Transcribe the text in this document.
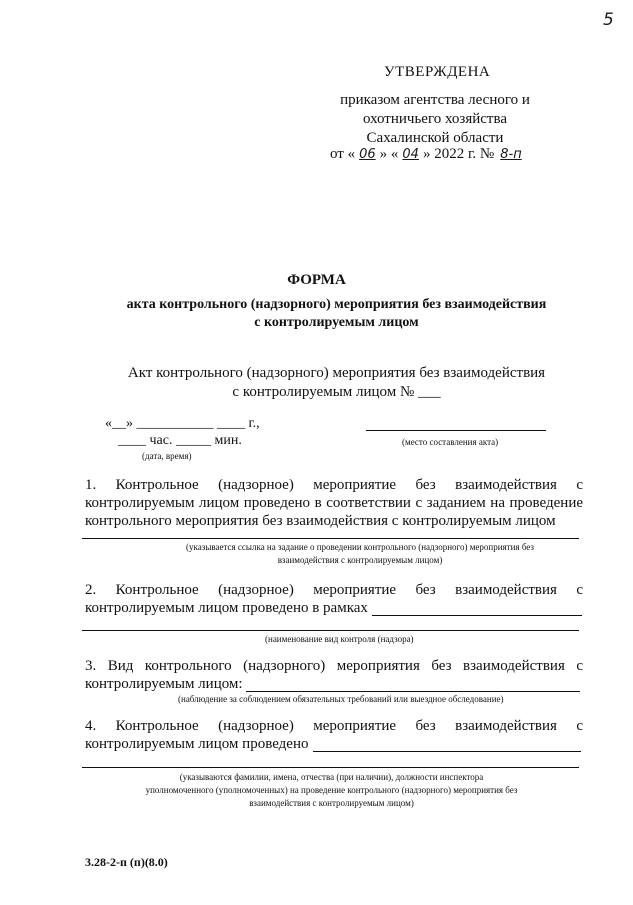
5
УТВЕРЖДЕНА
приказом агентства лесного и
охотничьего хозяйства
Сахалинской области
от « 06 » « 04 » 2022 г. № 8-п
ФОРМА
акта контрольного (надзорного) мероприятия без взаимодействия
с контролируемым лицом
Акт контрольного (надзорного) мероприятия без взаимодействия
с контролируемым лицом № ___
«__» ___________ ____ г.,
____ час. _____ мин.
(дата, время)
(место составления акта)
1. Контрольное (надзорное) мероприятие без взаимодействия с
контролируемым лицом проведено в соответствии с заданием на проведение
контрольного мероприятия без взаимодействия с контролируемым лицом
(указывается ссылка на задание о проведении контрольного (надзорного) мероприятия без
взаимодействия с контролируемым лицом)
2. Контрольное (надзорное) мероприятие без взаимодействия с
контролируемым лицом проведено в рамках
(наименование вид контроля (надзора)
3. Вид контрольного (надзорного) мероприятия без взаимодействия с
контролируемым лицом:
(наблюдение за соблюдением обязательных требований или выездное обследование)
4. Контрольное (надзорное) мероприятие без взаимодействия с
контролируемым лицом проведено
(указываются фамилии, имена, отчества (при наличии), должности инспектора
уполномоченного (уполномоченных) на проведение контрольного (надзорного) мероприятия без
взаимодействия с контролируемым лицом)
3.28-2-п (п)(8.0)
